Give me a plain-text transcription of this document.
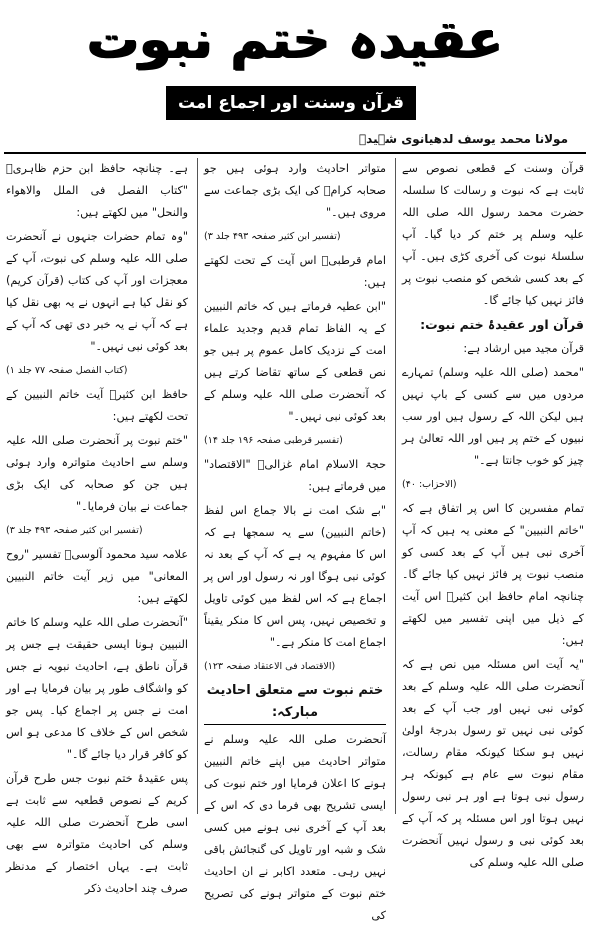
عقیدہ ختم نبوت
قرآن وسنت اور اجماع امت کی روشنی میں مولانا محمد یوسف لدھیانوی شہیدؒ

قرآن وسنت کے قطعی نصوص سے ثابت ہے کہ نبوت و رسالت کا سلسلہ حضرت محمد رسول اللہ صلی اللہ علیہ وسلم پر ختم کر دیا گیا۔ آپ سلسلۂ نبوت کی آخری کڑی ہیں۔ آپ کے بعد کسی شخص کو منصب نبوت پر فائز نہیں کیا جائے گا۔

قرآن اور عقیدۂ ختم نبوت:

قرآن مجید میں ارشاد ہے:

"محمد (صلی اللہ علیہ وسلم) تمہارے مردوں میں سے کسی کے باپ نہیں ہیں لیکن اللہ کے رسول ہیں اور سب نبیوں کے ختم پر ہیں اور اللہ تعالیٰ ہر چیز کو خوب جانتا ہے۔"

(الاحزاب: ۴۰)

تمام مفسرین کا اس پر اتفاق ہے کہ "خاتم النبیین" کے معنی یہ ہیں کہ آپ آخری نبی ہیں آپ کے بعد کسی کو منصب نبوت پر فائز نہیں کیا جائے گا۔ چنانچہ امام حافظ ابن کثیرؒ اس آیت کے ذیل میں اپنی تفسیر میں لکھتے ہیں:

"یہ آیت اس مسئلہ میں نص ہے کہ آنحضرت صلی اللہ علیہ وسلم کے بعد کوئی نبی نہیں اور جب آپ کے بعد کوئی نبی نہیں تو رسول بدرجۂ اولیٰ نہیں ہو سکتا کیونکہ مقام رسالت، مقام نبوت سے عام ہے کیونکہ ہر رسول نبی ہوتا ہے اور ہر نبی رسول نہیں ہوتا اور اس مسئلہ پر کہ آپ کے بعد کوئی نبی و رسول نہیں آنحضرت صلی اللہ علیہ وسلم کی

متواتر احادیث وارد ہوئی ہیں جو صحابہ کرامؓ کی ایک بڑی جماعت سے مروی ہیں۔"

(تفسیر ابن کثیر صفحہ ۴۹۳ جلد ۳)

امام قرطبیؒ اس آیت کے تحت لکھتے ہیں:

"ابن عطیہ فرماتے ہیں کہ خاتم النبیین کے یہ الفاظ تمام قدیم وجدید علماء امت کے نزدیک کامل عموم پر ہیں جو نص قطعی کے ساتھ تقاضا کرتے ہیں کہ آنحضرت صلی اللہ علیہ وسلم کے بعد کوئی نبی نہیں۔"

(تفسیر قرطبی صفحہ ۱۹۶ جلد ۱۴)

حجۃ الاسلام امام غزالیؒ "الاقتصاد" میں فرماتے ہیں:

"بے شک امت نے بالا جماع اس لفظ (خاتم النبیین) سے یہ سمجھا ہے کہ اس کا مفہوم یہ ہے کہ آپ کے بعد نہ کوئی نبی ہوگا اور نہ رسول اور اس پر اجماع ہے کہ اس لفظ میں کوئی تاویل و تخصیص نہیں، پس اس کا منکر یقیناً اجماع امت کا منکر ہے۔"

(الاقتصاد فی الاعتقاد صفحہ ۱۲۳)

ختم نبوت سے متعلق احادیث مبارکہ:

آنحضرت صلی اللہ علیہ وسلم نے متواتر احادیث میں اپنے خاتم النبیین ہونے کا اعلان فرمایا اور ختم نبوت کی ایسی تشریح بھی فرما دی کہ اس کے بعد آپ کے آخری نبی ہونے میں کسی شک و شبہ اور تاویل کی گنجائش باقی نہیں رہی۔ متعدد اکابر نے ان احادیث ختم نبوت کے متواتر ہونے کی تصریح کی

ہے۔ چنانچہ حافظ ابن حزم ظاہریؒ "کتاب الفصل فی الملل والاھواء والنحل" میں لکھتے ہیں:

"وہ تمام حضرات جنہوں نے آنحضرت صلی اللہ علیہ وسلم کی نبوت، آپ کے معجزات اور آپ کی کتاب (قرآن کریم) کو نقل کیا ہے انہوں نے یہ بھی نقل کیا ہے کہ آپ نے یہ خبر دی تھی کہ آپ کے بعد کوئی نبی نہیں۔"

(کتاب الفصل صفحہ ۷۷ جلد ۱)

حافظ ابن کثیرؒ آیت خاتم النبیین کے تحت لکھتے ہیں:

"ختم نبوت پر آنحضرت صلی اللہ علیہ وسلم سے احادیث متواترہ وارد ہوئی ہیں جن کو صحابہ کی ایک بڑی جماعت نے بیان فرمایا۔"

(تفسیر ابن کثیر صفحہ ۴۹۳ جلد ۳)

علامہ سید محمود آلوسیؒ تفسیر "روح المعانی" میں زیر آیت خاتم النبیین لکھتے ہیں:

"آنحضرت صلی اللہ علیہ وسلم کا خاتم النبیین ہونا ایسی حقیقت ہے جس پر قرآن ناطق ہے، احادیث نبویہ نے جس کو واشگاف طور پر بیان فرمایا ہے اور امت نے جس پر اجماع کیا۔ پس جو شخص اس کے خلاف کا مدعی ہو اس کو کافر قرار دیا جائے گا۔"

پس عقیدۂ ختم نبوت جس طرح قرآن کریم کے نصوص قطعیہ سے ثابت ہے اسی طرح آنحضرت صلی اللہ علیہ وسلم کی احادیث متواترہ سے بھی ثابت ہے۔ یہاں اختصار کے مدنظر صرف چند احادیث ذکر
